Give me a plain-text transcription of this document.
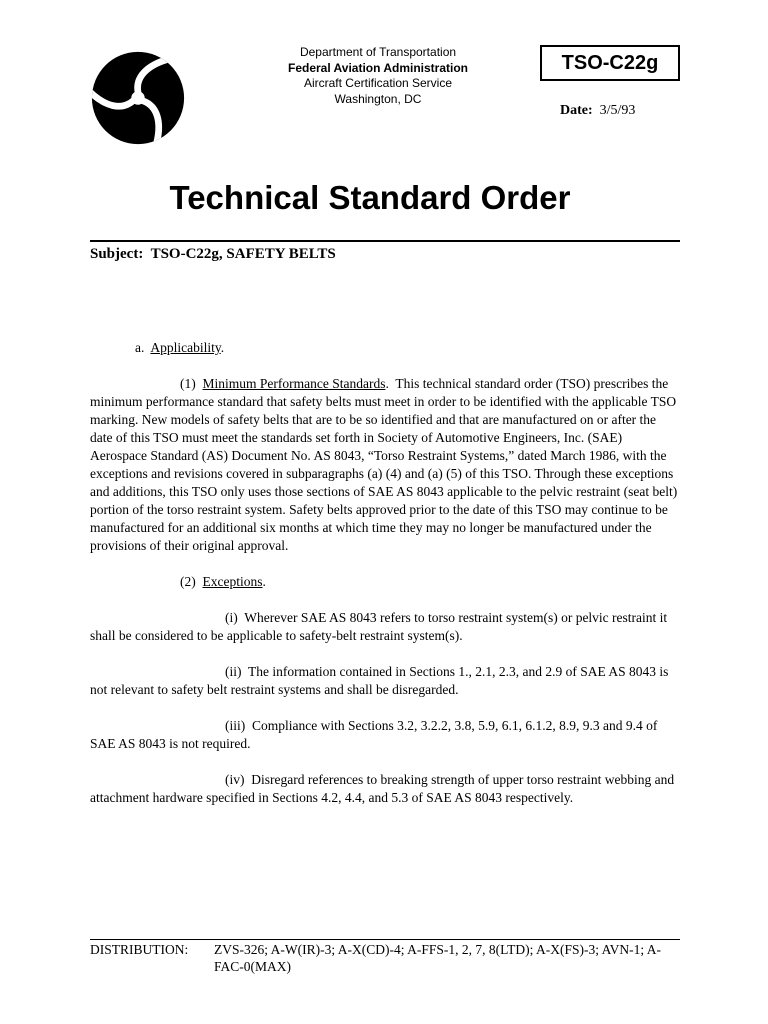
Department of Transportation
Federal Aviation Administration
Aircraft Certification Service
Washington, DC
TSO-C22g
Date: 3/5/93
Technical Standard Order
Subject: TSO-C22g, SAFETY BELTS

a. Applicability.

(1) Minimum Performance Standards.  This technical standard order (TSO) prescribes the minimum performance standard that safety belts must meet in order to be identified with the applicable TSO marking. New models of safety belts that are to be so identified and that are manufactured on or after the date of this TSO must meet the standards set forth in Society of Automotive Engineers, Inc. (SAE) Aerospace Standard (AS) Document No. AS 8043, “Torso Restraint Systems,” dated March 1986, with the exceptions and revisions covered in subparagraphs (a) (4) and (a) (5) of this TSO. Through these exceptions and additions, this TSO only uses those sections of SAE AS 8043 applicable to the pelvic restraint (seat belt) portion of the torso restraint system. Safety belts approved prior to the date of this TSO may continue to be manufactured for an additional six months at which time they may no longer be manufactured under the provisions of their original approval.

(2) Exceptions.

(i) Wherever SAE AS 8043 refers to torso restraint system(s) or pelvic restraint it shall be considered to be applicable to safety-belt restraint system(s).

(ii) The information contained in Sections 1., 2.1, 2.3, and 2.9 of SAE AS 8043 is not relevant to safety belt restraint systems and shall be disregarded.

(iii) Compliance with Sections 3.2, 3.2.2, 3.8, 5.9, 6.1, 6.1.2, 8.9, 9.3 and 9.4 of SAE AS 8043 is not required.

(iv) Disregard references to breaking strength of upper torso restraint webbing and attachment hardware specified in Sections 4.2, 4.4, and 5.3 of SAE AS 8043 respectively.

DISTRIBUTION: ZVS-326; A-W(IR)-3; A-X(CD)-4; A-FFS-1, 2, 7, 8(LTD); A-X(FS)-3; AVN-1; A-FAC-0(MAX)
